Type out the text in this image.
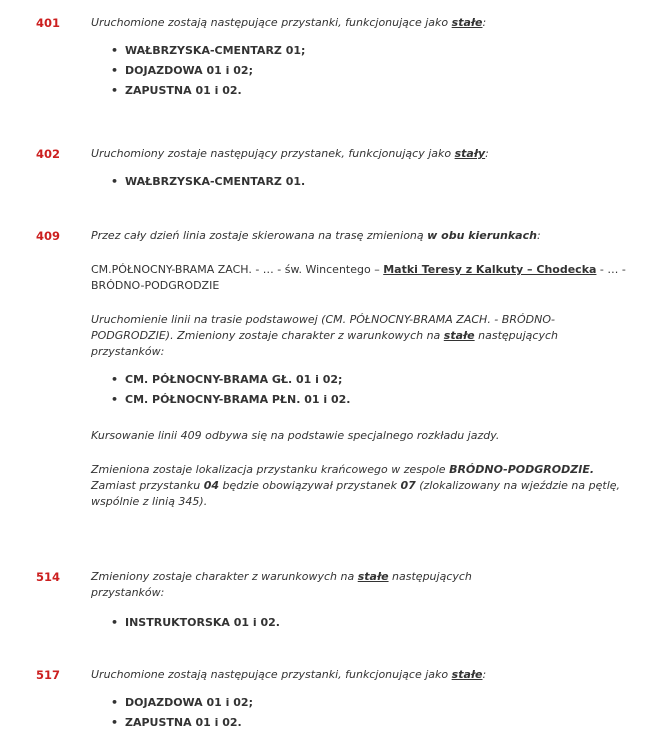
401	Uruchomione zostają następujące przystanki, funkcjonujące jako stałe:

• WAŁBRZYSKA-CMENTARZ 01;
• DOJAZDOWA 01 i 02;
• ZAPUSTNA 01 i 02.
402	Uruchomiony zostaje następujący przystanek, funkcjonujący jako stały:

• WAŁBRZYSKA-CMENTARZ 01.
409	Przez cały dzień linia zostaje skierowana na trasę zmienioną w obu kierunkach:

CM.PÓŁNOCNY-BRAMA ZACH. - … - św. Wincentego – Matki Teresy z Kalkuty – Chodecka - … - BRÓDNO-PODGRODZIE

Uruchomienie linii na trasie podstawowej (CM. PÓŁNOCNY-BRAMA ZACH. - BRÓDNO-PODGRODZIE). Zmieniony zostaje charakter z warunkowych na stałe następujących przystanków:

• CM. PÓŁNOCNY-BRAMA GŁ. 01 i 02;
• CM. PÓŁNOCNY-BRAMA PŁN. 01 i 02.

Kursowanie linii 409 odbywa się na podstawie specjalnego rozkładu jazdy.

Zmieniona zostaje lokalizacja przystanku krańcowego w zespole BRÓDNO-PODGRODZIE. Zamiast przystanku 04 będzie obowiązywał przystanek 07 (zlokalizowany na wjeździe na pętlę, wspólnie z linią 345).

514	Zmieniony zostaje charakter z warunkowych na stałe następujących przystanków:

• INSTRUKTORSKA 01 i 02.
517	Uruchomione zostają następujące przystanki, funkcjonujące jako stałe:

• DOJAZDOWA 01 i 02;
• ZAPUSTNA 01 i 02.
